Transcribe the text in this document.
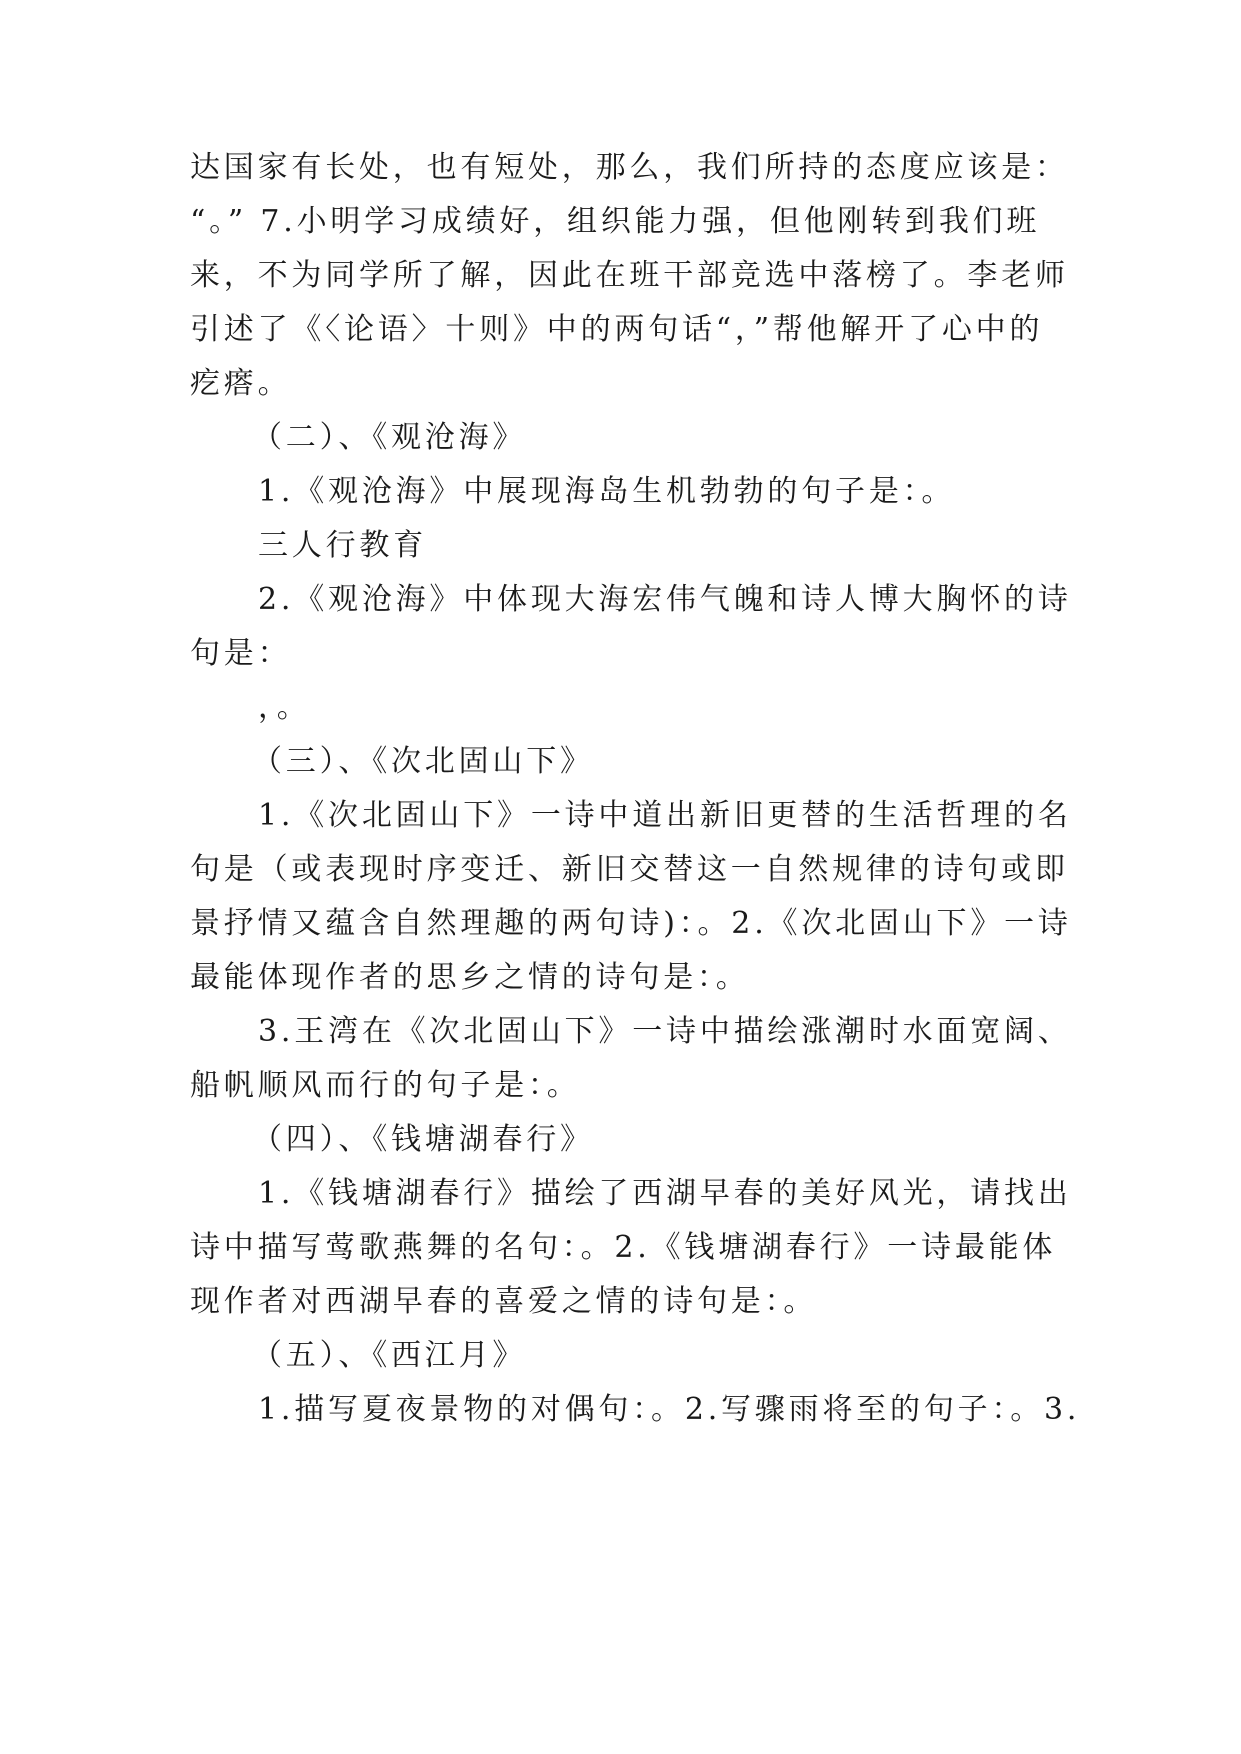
达国家有长处，也有短处，那么，我们所持的态度应该是：
“。” 7.小明学习成绩好，组织能力强，但他刚转到我们班
来，不为同学所了解，因此在班干部竞选中落榜了。李老师
引述了《〈论语〉十则》中的两句话“，”帮他解开了心中的
疙瘩。
（二）、《观沧海》
1.《观沧海》中展现海岛生机勃勃的句子是：。
三人行教育
2.《观沧海》中体现大海宏伟气魄和诗人博大胸怀的诗
句是：
，。
（三）、《次北固山下》
1.《次北固山下》一诗中道出新旧更替的生活哲理的名
句是（或表现时序变迁、新旧交替这一自然规律的诗句或即
景抒情又蕴含自然理趣的两句诗)：。2.《次北固山下》一诗
最能体现作者的思乡之情的诗句是：。
3.王湾在《次北固山下》一诗中描绘涨潮时水面宽阔、
船帆顺风而行的句子是：。
（四）、《钱塘湖春行》
1.《钱塘湖春行》描绘了西湖早春的美好风光，请找出
诗中描写莺歌燕舞的名句：。2.《钱塘湖春行》一诗最能体
现作者对西湖早春的喜爱之情的诗句是：。
（五）、《西江月》
1.描写夏夜景物的对偶句：。2.写骤雨将至的句子：。3.
